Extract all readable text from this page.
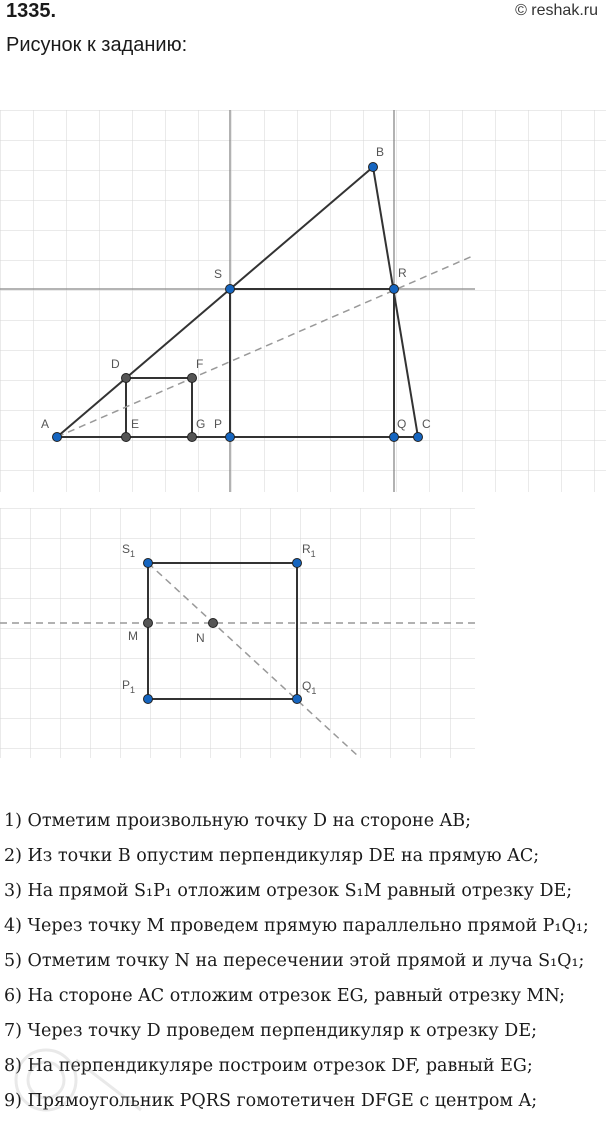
1335.	© reshak.ru
Рисунок к заданию:
A
B
C
D
E
F
G P	Q
R
S
$S_1$	$R_1$
$P_1$	$Q_1$
M	N
1) Отметим произвольную точку D на стороне AB;
2) Из точки B опустим перпендикуляр DE на прямую AC;
3) На прямой S₁P₁ отложим отрезок S₁M равный отрезку DE;
4) Через точку M проведем прямую параллельно прямой P₁Q₁;
5) Отметим точку N на пересечении этой прямой и луча S₁Q₁;
6) На стороне AC отложим отрезок EG, равный отрезку MN;
7) Через точку D проведем перпендикуляр к отрезку DE;
8) На перпендикуляре построим отрезок DF, равный EG;
9) Прямоугольник PQRS гомотетичен DFGE с центром A;
